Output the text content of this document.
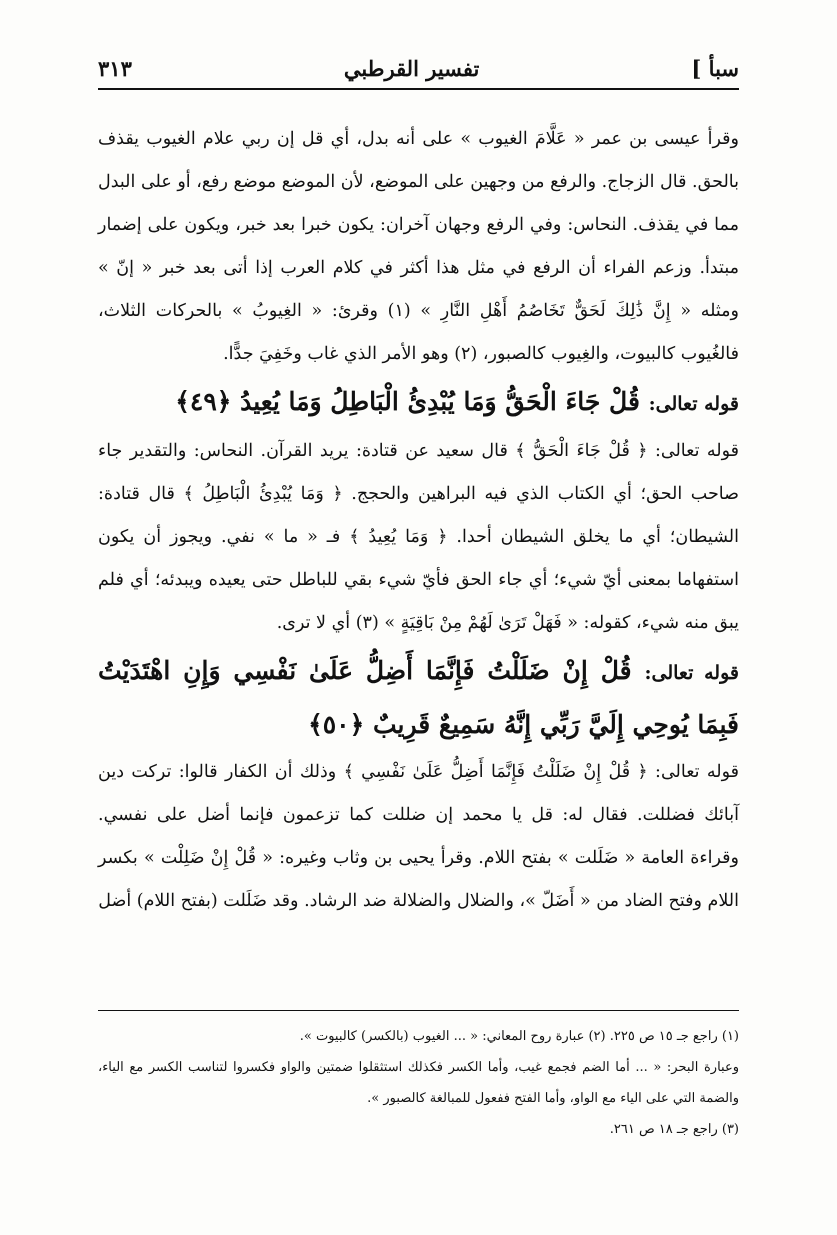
سبأ ]
تفسير القرطبي
٣١٣

وقرأ عيسى بن عمر « عَلَّامَ الغيوب » على أنه بدل، أي قل إن ربي علام الغيوب يقذف بالحق. قال الزجاج. والرفع من وجهين على الموضع، لأن الموضع موضع رفع، أو على البدل مما في يقذف. النحاس: وفي الرفع وجهان آخران: يكون خبرا بعد خبر، ويكون على إضمار مبتدأ. وزعم الفراء أن الرفع في مثل هذا أكثر في كلام العرب إذا أتى بعد خبر « إنّ » ومثله « إِنَّ ذَٰلِكَ لَحَقٌّ تَخَاصُمُ أَهْلِ النَّارِ » (١) وقرئ: « الغِيوبُ » بالحركات الثلاث، فالغُيوب كالبيوت، والغِيوب كالصبور، (٢) وهو الأمر الذي غاب وخَفِيَ جدًّا.

قوله تعالى: قُلْ جَاءَ الْحَقُّ وَمَا يُبْدِئُ الْبَاطِلُ وَمَا يُعِيدُ ﴿٤٩﴾

قوله تعالى: ﴿ قُلْ جَاءَ الْحَقُّ ﴾ قال سعيد عن قتادة: يريد القرآن. النحاس: والتقدير جاء صاحب الحق؛ أي الكتاب الذي فيه البراهين والحجج. ﴿ وَمَا يُبْدِئُ الْبَاطِلُ ﴾ قال قتادة: الشيطان؛ أي ما يخلق الشيطان أحدا. ﴿ وَمَا يُعِيدُ ﴾ فـ « ما » نفي. ويجوز أن يكون استفهاما بمعنى أيّ شيء؛ أي جاء الحق فأيّ شيء بقي للباطل حتى يعيده ويبدئه؛ أي فلم يبق منه شيء، كقوله: « فَهَلْ تَرَىٰ لَهُمْ مِنْ بَاقِيَةٍ » (٣) أي لا ترى.

قوله تعالى: قُلْ إِنْ ضَلَلْتُ فَإِنَّمَا أَضِلُّ عَلَىٰ نَفْسِي وَإِنِ اهْتَدَيْتُ فَبِمَا يُوحِي إِلَيَّ رَبِّي إِنَّهُ سَمِيعٌ قَرِيبٌ ﴿٥٠﴾

قوله تعالى: ﴿ قُلْ إِنْ ضَلَلْتُ فَإِنَّمَا أَضِلُّ عَلَىٰ نَفْسِي ﴾ وذلك أن الكفار قالوا: تركت دين آبائك فضللت. فقال له: قل يا محمد إن ضللت كما تزعمون فإنما أضل على نفسي. وقراءة العامة « ضَلَلت » بفتح اللام. وقرأ يحيى بن وثاب وغيره: « قُلْ إِنْ ضَلِلْت » بكسر اللام وفتح الضاد من « أَضَلّ »، والضلال والضلالة ضد الرشاد. وقد ضَلَلت (بفتح اللام) أضل

(١) راجع جـ ١٥ ص ٢٢٥. (٢) عبارة روح المعاني: « ... الغيوب (بالكسر) كالبيوت ».

وعبارة البحر: « ... أما الضم فجمع غيب، وأما الكسر فكذلك استثقلوا ضمتين والواو فكسروا لتناسب الكسر مع الياء، والضمة التي على الياء مع الواو، وأما الفتح ففعول للمبالغة كالصبور ».

(٣) راجع جـ ١٨ ص ٢٦١.
